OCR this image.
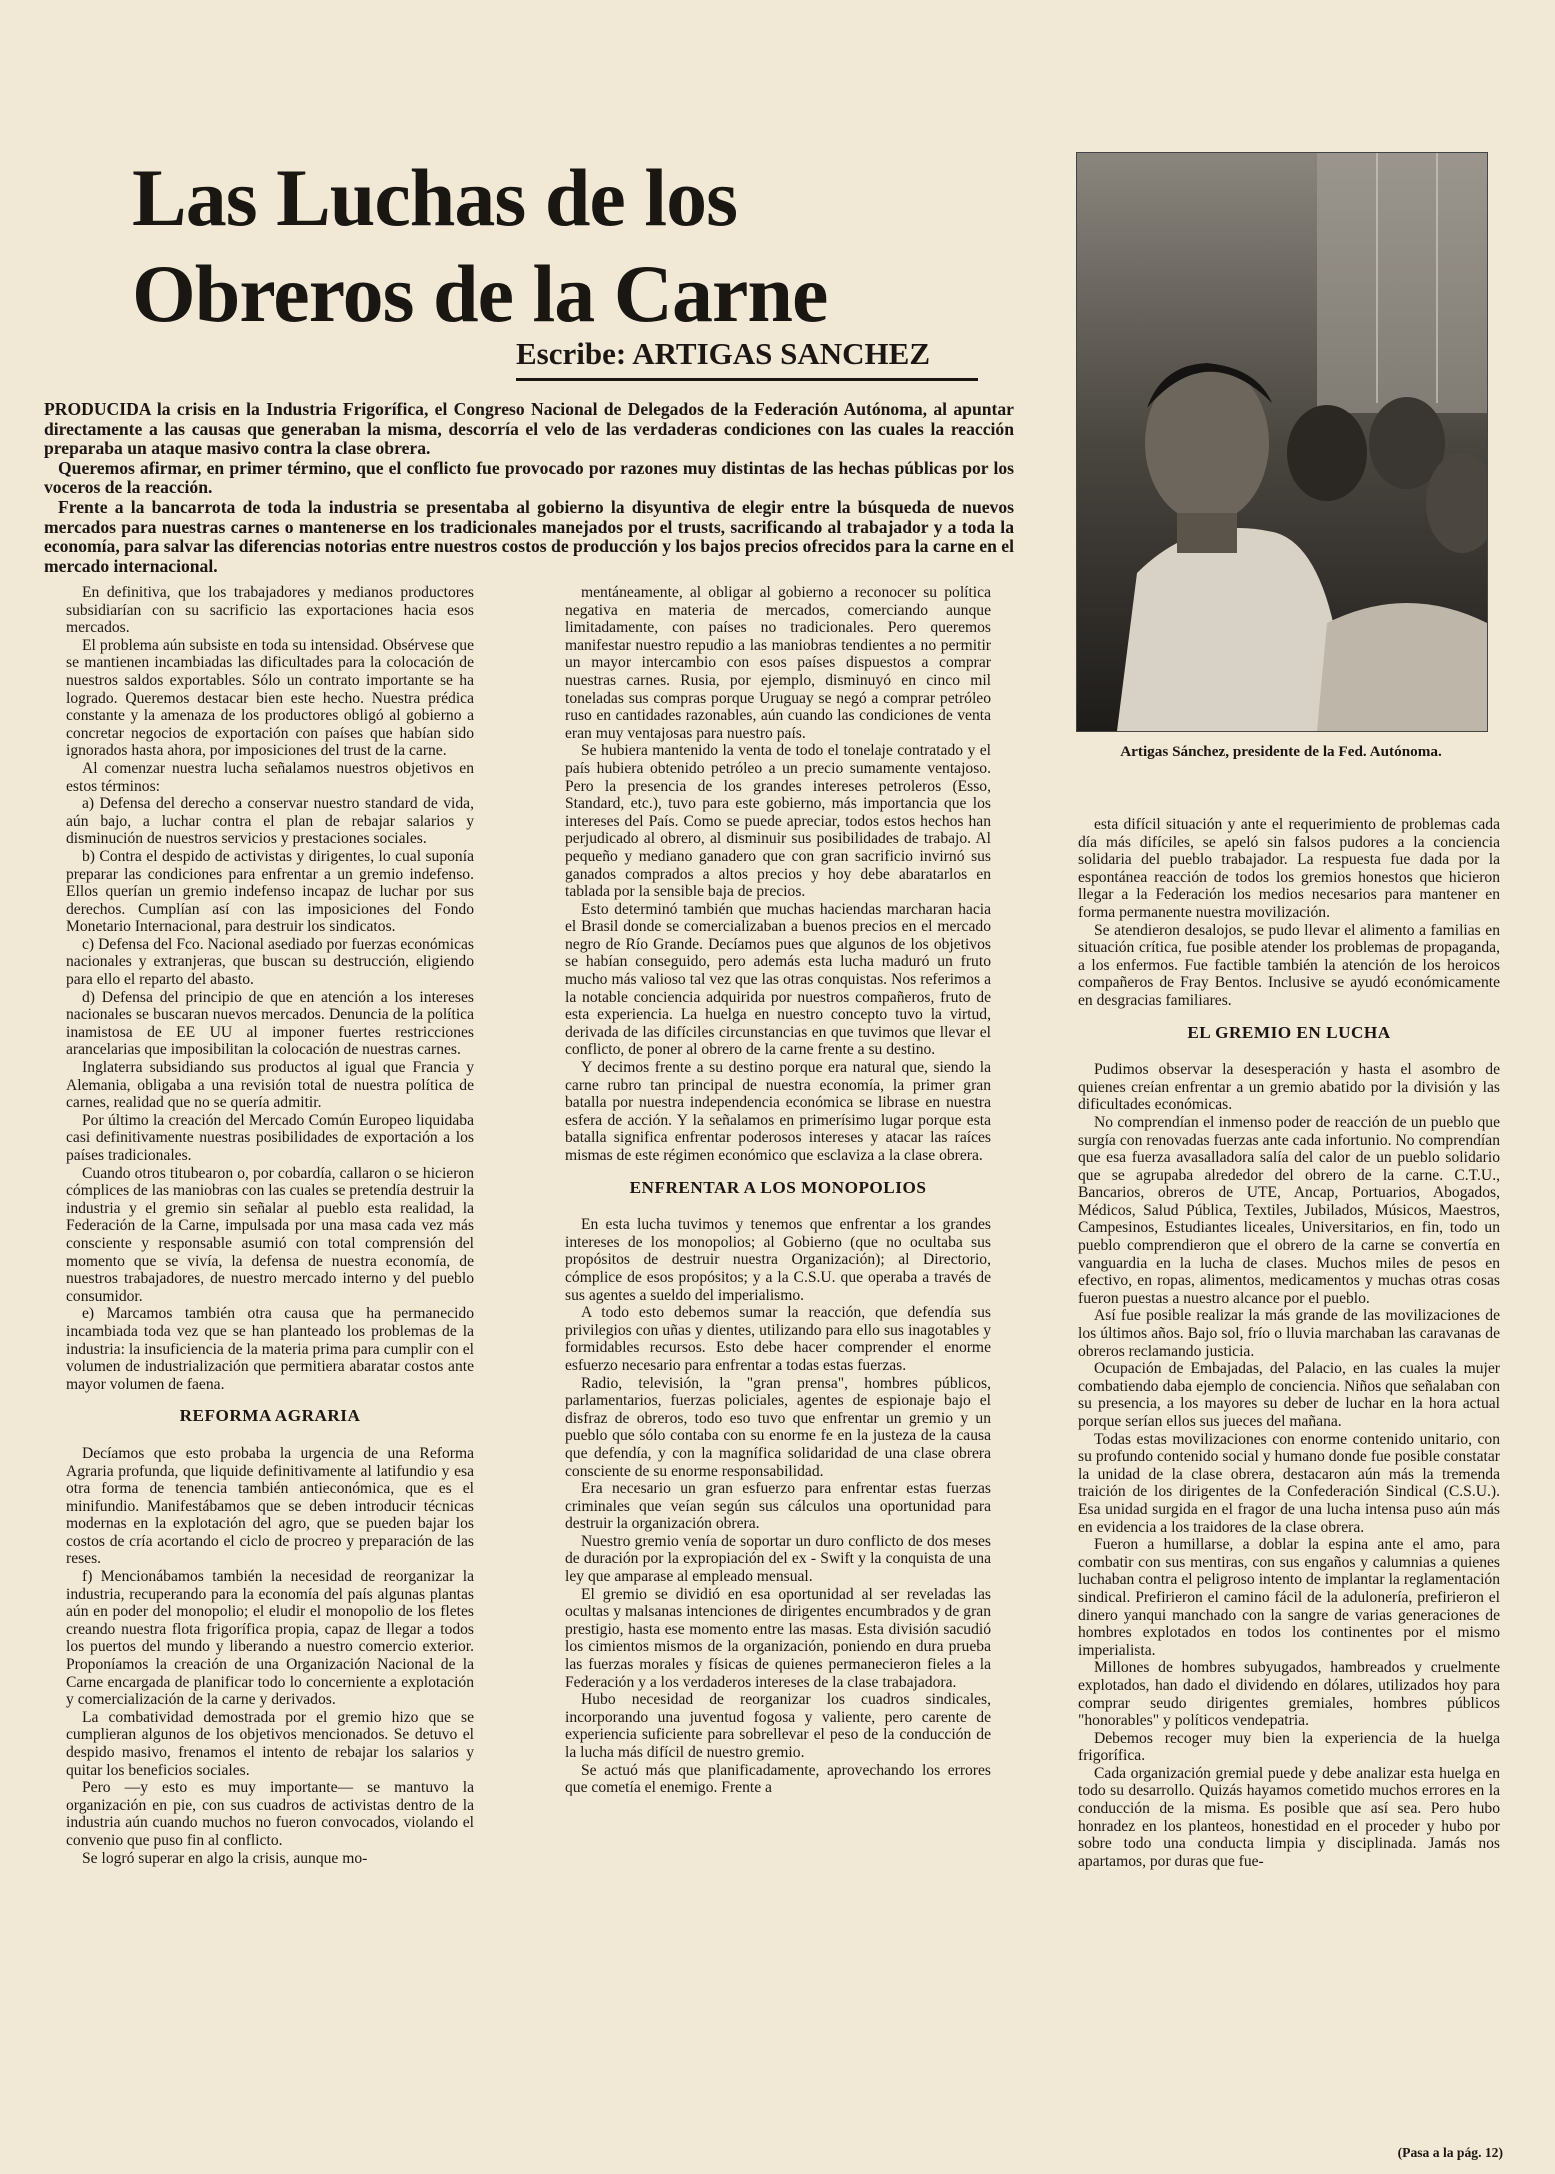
Las Luchas de los
Obreros de la Carne

Escribe: ARTIGAS SANCHEZ

PRODUCIDA la crisis en la Industria Frigorífica, el Congreso Nacional de Delegados de la Federación Autónoma, al apuntar directamente a las causas que generaban la misma, descorría el velo de las verdaderas condiciones con las cuales la reacción preparaba un ataque masivo contra la clase obrera.

Queremos afirmar, en primer término, que el conflicto fue provocado por razones muy distintas de las hechas públicas por los voceros de la reacción.

Frente a la bancarrota de toda la industria se presentaba al gobierno la disyuntiva de elegir entre la búsqueda de nuevos mercados para nuestras carnes o mantenerse en los tradicionales manejados por el trusts, sacrificando al trabajador y a toda la economía, para salvar las diferencias notorias entre nuestros costos de producción y los bajos precios ofrecidos para la carne en el mercado internacional.

Artigas Sánchez, presidente de la Fed. Autónoma.

En definitiva, que los trabajadores y medianos productores subsidiarían con su sacrificio las exportaciones hacia esos mercados.

El problema aún subsiste en toda su intensidad. Obsérvese que se mantienen incambiadas las dificultades para la colocación de nuestros saldos exportables. Sólo un contrato importante se ha logrado. Queremos destacar bien este hecho. Nuestra prédica constante y la amenaza de los productores obligó al gobierno a concretar negocios de exportación con países que habían sido ignorados hasta ahora, por imposiciones del trust de la carne.

Al comenzar nuestra lucha señalamos nuestros objetivos en estos términos:

a) Defensa del derecho a conservar nuestro standard de vida, aún bajo, a luchar contra el plan de rebajar salarios y disminución de nuestros servicios y prestaciones sociales.

b) Contra el despido de activistas y dirigentes, lo cual suponía preparar las condiciones para enfrentar a un gremio indefenso. Ellos querían un gremio indefenso incapaz de luchar por sus derechos. Cumplían así con las imposiciones del Fondo Monetario Internacional, para destruir los sindicatos.

c) Defensa del Fco. Nacional asediado por fuerzas económicas nacionales y extranjeras, que buscan su destrucción, eligiendo para ello el reparto del abasto.

d) Defensa del principio de que en atención a los intereses nacionales se buscaran nuevos mercados. Denuncia de la política inamistosa de EE UU al imponer fuertes restricciones arancelarias que imposibilitan la colocación de nuestras carnes.

Inglaterra subsidiando sus productos al igual que Francia y Alemania, obligaba a una revisión total de nuestra política de carnes, realidad que no se quería admitir.

Por último la creación del Mercado Común Europeo liquidaba casi definitivamente nuestras posibilidades de exportación a los países tradicionales.

Cuando otros titubearon o, por cobardía, callaron o se hicieron cómplices de las maniobras con las cuales se pretendía destruir la industria y el gremio sin señalar al pueblo esta realidad, la Federación de la Carne, impulsada por una masa cada vez más consciente y responsable asumió con total comprensión del momento que se vivía, la defensa de nuestra economía, de nuestros trabajadores, de nuestro mercado interno y del pueblo consumidor.

e) Marcamos también otra causa que ha permanecido incambiada toda vez que se han planteado los problemas de la industria: la insuficiencia de la materia prima para cumplir con el volumen de industrialización que permitiera abaratar costos ante mayor volumen de faena.

REFORMA AGRARIA

Decíamos que esto probaba la urgencia de una Reforma Agraria profunda, que liquide definitivamente al latifundio y esa otra forma de tenencia también antieconómica, que es el minifundio. Manifestábamos que se deben introducir técnicas modernas en la explotación del agro, que se pueden bajar los costos de cría acortando el ciclo de procreo y preparación de las reses.

f) Mencionábamos también la necesidad de reorganizar la industria, recuperando para la economía del país algunas plantas aún en poder del monopolio; el eludir el monopolio de los fletes creando nuestra flota frigorífica propia, capaz de llegar a todos los puertos del mundo y liberando a nuestro comercio exterior. Proponíamos la creación de una Organización Nacional de la Carne encargada de planificar todo lo concerniente a explotación y comercialización de la carne y derivados.

La combatividad demostrada por el gremio hizo que se cumplieran algunos de los objetivos mencionados. Se detuvo el despido masivo, frenamos el intento de rebajar los salarios y quitar los beneficios sociales.

Pero —y esto es muy importante— se mantuvo la organización en pie, con sus cuadros de activistas dentro de la industria aún cuando muchos no fueron convocados, violando el convenio que puso fin al conflicto.

Se logró superar en algo la crisis, aunque mo-

mentáneamente, al obligar al gobierno a reconocer su política negativa en materia de mercados, comerciando aunque limitadamente, con países no tradicionales. Pero queremos manifestar nuestro repudio a las maniobras tendientes a no permitir un mayor intercambio con esos países dispuestos a comprar nuestras carnes. Rusia, por ejemplo, disminuyó en cinco mil toneladas sus compras porque Uruguay se negó a comprar petróleo ruso en cantidades razonables, aún cuando las condiciones de venta eran muy ventajosas para nuestro país.

Se hubiera mantenido la venta de todo el tonelaje contratado y el país hubiera obtenido petróleo a un precio sumamente ventajoso. Pero la presencia de los grandes intereses petroleros (Esso, Standard, etc.), tuvo para este gobierno, más importancia que los intereses del País. Como se puede apreciar, todos estos hechos han perjudicado al obrero, al disminuir sus posibilidades de trabajo. Al pequeño y mediano ganadero que con gran sacrificio invirnó sus ganados comprados a altos precios y hoy debe abaratarlos en tablada por la sensible baja de precios.

Esto determinó también que muchas haciendas marcharan hacia el Brasil donde se comercializaban a buenos precios en el mercado negro de Río Grande. Decíamos pues que algunos de los objetivos se habían conseguido, pero además esta lucha maduró un fruto mucho más valioso tal vez que las otras conquistas. Nos referimos a la notable conciencia adquirida por nuestros compañeros, fruto de esta experiencia. La huelga en nuestro concepto tuvo la virtud, derivada de las difíciles circunstancias en que tuvimos que llevar el conflicto, de poner al obrero de la carne frente a su destino.

Y decimos frente a su destino porque era natural que, siendo la carne rubro tan principal de nuestra economía, la primer gran batalla por nuestra independencia económica se librase en nuestra esfera de acción. Y la señalamos en primerísimo lugar porque esta batalla significa enfrentar poderosos intereses y atacar las raíces mismas de este régimen económico que esclaviza a la clase obrera.

ENFRENTAR A LOS MONOPOLIOS

En esta lucha tuvimos y tenemos que enfrentar a los grandes intereses de los monopolios; al Gobierno (que no ocultaba sus propósitos de destruir nuestra Organización); al Directorio, cómplice de esos propósitos; y a la C.S.U. que operaba a través de sus agentes a sueldo del imperialismo.

A todo esto debemos sumar la reacción, que defendía sus privilegios con uñas y dientes, utilizando para ello sus inagotables y formidables recursos. Esto debe hacer comprender el enorme esfuerzo necesario para enfrentar a todas estas fuerzas.

Radio, televisión, la "gran prensa", hombres públicos, parlamentarios, fuerzas policiales, agentes de espionaje bajo el disfraz de obreros, todo eso tuvo que enfrentar un gremio y un pueblo que sólo contaba con su enorme fe en la justeza de la causa que defendía, y con la magnífica solidaridad de una clase obrera consciente de su enorme responsabilidad.

Era necesario un gran esfuerzo para enfrentar estas fuerzas criminales que veían según sus cálculos una oportunidad para destruir la organización obrera.

Nuestro gremio venía de soportar un duro conflicto de dos meses de duración por la expropiación del ex - Swift y la conquista de una ley que amparase al empleado mensual.

El gremio se dividió en esa oportunidad al ser reveladas las ocultas y malsanas intenciones de dirigentes encumbrados y de gran prestigio, hasta ese momento entre las masas. Esta división sacudió los cimientos mismos de la organización, poniendo en dura prueba las fuerzas morales y físicas de quienes permanecieron fieles a la Federación y a los verdaderos intereses de la clase trabajadora.

Hubo necesidad de reorganizar los cuadros sindicales, incorporando una juventud fogosa y valiente, pero carente de experiencia suficiente para sobrellevar el peso de la conducción de la lucha más difícil de nuestro gremio.

Se actuó más que planificadamente, aprovechando los errores que cometía el enemigo. Frente a

esta difícil situación y ante el requerimiento de problemas cada día más difíciles, se apeló sin falsos pudores a la conciencia solidaria del pueblo trabajador. La respuesta fue dada por la espontánea reacción de todos los gremios honestos que hicieron llegar a la Federación los medios necesarios para mantener en forma permanente nuestra movilización.

Se atendieron desalojos, se pudo llevar el alimento a familias en situación crítica, fue posible atender los problemas de propaganda, a los enfermos. Fue factible también la atención de los heroicos compañeros de Fray Bentos. Inclusive se ayudó económicamente en desgracias familiares.

EL GREMIO EN LUCHA

Pudimos observar la desesperación y hasta el asombro de quienes creían enfrentar a un gremio abatido por la división y las dificultades económicas.

No comprendían el inmenso poder de reacción de un pueblo que surgía con renovadas fuerzas ante cada infortunio. No comprendían que esa fuerza avasalladora salía del calor de un pueblo solidario que se agrupaba alrededor del obrero de la carne. C.T.U., Bancarios, obreros de UTE, Ancap, Portuarios, Abogados, Médicos, Salud Pública, Textiles, Jubilados, Músicos, Maestros, Campesinos, Estudiantes liceales, Universitarios, en fin, todo un pueblo comprendieron que el obrero de la carne se convertía en vanguardia en la lucha de clases. Muchos miles de pesos en efectivo, en ropas, alimentos, medicamentos y muchas otras cosas fueron puestas a nuestro alcance por el pueblo.

Así fue posible realizar la más grande de las movilizaciones de los últimos años. Bajo sol, frío o lluvia marchaban las caravanas de obreros reclamando justicia.

Ocupación de Embajadas, del Palacio, en las cuales la mujer combatiendo daba ejemplo de conciencia. Niños que señalaban con su presencia, a los mayores su deber de luchar en la hora actual porque serían ellos sus jueces del mañana.

Todas estas movilizaciones con enorme contenido unitario, con su profundo contenido social y humano donde fue posible constatar la unidad de la clase obrera, destacaron aún más la tremenda traición de los dirigentes de la Confederación Sindical (C.S.U.). Esa unidad surgida en el fragor de una lucha intensa puso aún más en evidencia a los traidores de la clase obrera.

Fueron a humillarse, a doblar la espina ante el amo, para combatir con sus mentiras, con sus engaños y calumnias a quienes luchaban contra el peligroso intento de implantar la reglamentación sindical. Prefirieron el camino fácil de la adulonería, prefirieron el dinero yanqui manchado con la sangre de varias generaciones de hombres explotados en todos los continentes por el mismo imperialista.

Millones de hombres subyugados, hambreados y cruelmente explotados, han dado el dividendo en dólares, utilizados hoy para comprar seudo dirigentes gremiales, hombres públicos "honorables" y políticos vendepatria.

Debemos recoger muy bien la experiencia de la huelga frigorífica.

Cada organización gremial puede y debe analizar esta huelga en todo su desarrollo. Quizás hayamos cometido muchos errores en la conducción de la misma. Es posible que así sea. Pero hubo honradez en los planteos, honestidad en el proceder y hubo por sobre todo una conducta limpia y disciplinada. Jamás nos apartamos, por duras que fue-

(Pasa a la pág. 12)
